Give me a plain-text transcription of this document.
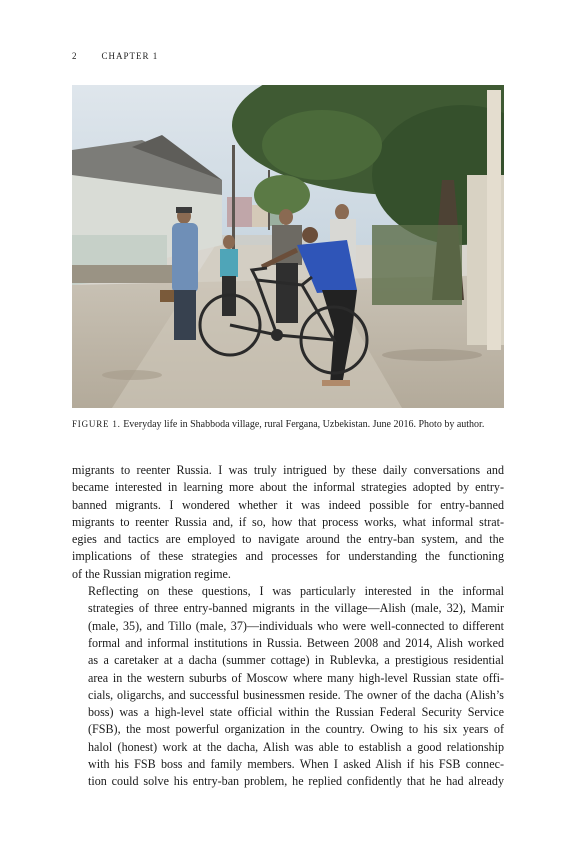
2	CHAPTER 1
FIGURE 1. Everyday life in Shabboda village, rural Fergana, Uzbekistan. June 2016. Photo by author.

migrants to reenter Russia. I was truly intrigued by these daily conversations and
became interested in learning more about the informal strategies adopted by entry-
banned migrants. I wondered whether it was indeed possible for entry-banned
migrants to reenter Russia and, if so, how that process works, what informal strat-
egies and tactics are employed to navigate around the entry-ban system, and the
implications of these strategies and processes for understanding the functioning
of the Russian migration regime.

Reflecting on these questions, I was particularly interested in the informal
strategies of three entry-banned migrants in the village—Alish (male, 32), Mamir
(male, 35), and Tillo (male, 37)—individuals who were well-connected to different
formal and informal institutions in Russia. Between 2008 and 2014, Alish worked
as a caretaker at a dacha (summer cottage) in Rublevka, a prestigious residential
area in the western suburbs of Moscow where many high-level Russian state offi-
cials, oligarchs, and successful businessmen reside. The owner of the dacha (Alish’s
boss) was a high-level state official within the Russian Federal Security Service
(FSB), the most powerful organization in the country. Owing to his six years of
halol (honest) work at the dacha, Alish was able to establish a good relationship
with his FSB boss and family members. When I asked Alish if his FSB connec-
tion could solve his entry-ban problem, he replied confidently that he had already
